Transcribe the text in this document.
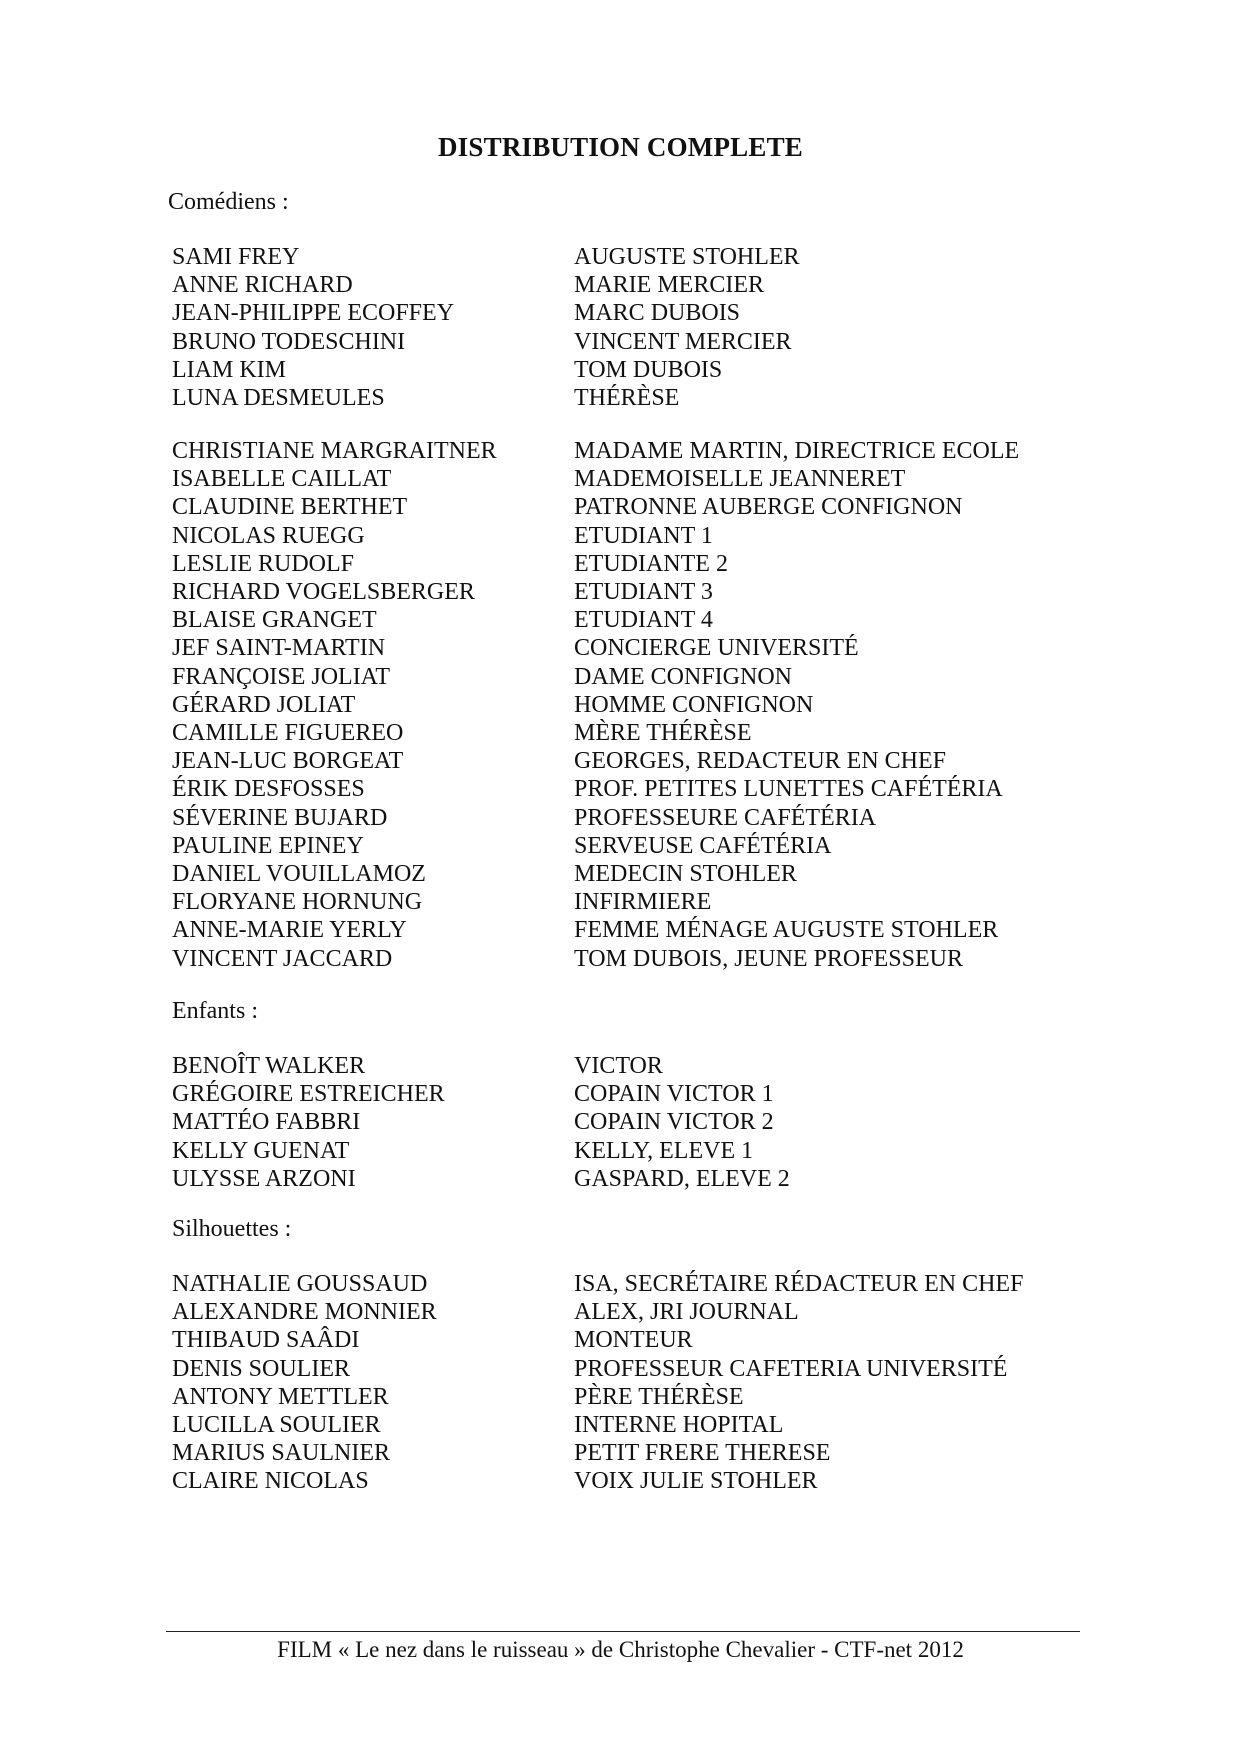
DISTRIBUTION COMPLETE
Comédiens :
SAMI FREY	AUGUSTE STOHLER
ANNE RICHARD	MARIE MERCIER
JEAN-PHILIPPE ECOFFEY	MARC DUBOIS
BRUNO TODESCHINI	VINCENT MERCIER
LIAM KIM	TOM DUBOIS
LUNA DESMEULES	THÉRÈSE
CHRISTIANE MARGRAITNER	MADAME MARTIN, DIRECTRICE ECOLE
ISABELLE CAILLAT	MADEMOISELLE JEANNERET
CLAUDINE BERTHET	PATRONNE AUBERGE CONFIGNON
NICOLAS RUEGG	ETUDIANT 1
LESLIE RUDOLF	ETUDIANTE 2
RICHARD VOGELSBERGER	ETUDIANT 3
BLAISE GRANGET	ETUDIANT 4
JEF SAINT-MARTIN	CONCIERGE UNIVERSITÉ
FRANÇOISE JOLIAT	DAME CONFIGNON
GÉRARD JOLIAT	HOMME CONFIGNON
CAMILLE FIGUEREO	MÈRE THÉRÈSE
JEAN-LUC BORGEAT	GEORGES, REDACTEUR EN CHEF
ÉRIK DESFOSSES	PROF. PETITES LUNETTES CAFÉTÉRIA
SÉVERINE BUJARD	PROFESSEURE CAFÉTÉRIA
PAULINE EPINEY	SERVEUSE CAFÉTÉRIA
DANIEL VOUILLAMOZ	MEDECIN STOHLER
FLORYANE HORNUNG	INFIRMIERE
ANNE-MARIE YERLY	FEMME MÉNAGE AUGUSTE STOHLER
VINCENT JACCARD	TOM DUBOIS, JEUNE PROFESSEUR
Enfants :
BENOÎT WALKER	VICTOR
GRÉGOIRE ESTREICHER	COPAIN VICTOR 1
MATTÉO FABBRI	COPAIN VICTOR 2
KELLY GUENAT	KELLY, ELEVE 1
ULYSSE ARZONI	GASPARD, ELEVE 2
Silhouettes :
NATHALIE GOUSSAUD	ISA, SECRÉTAIRE RÉDACTEUR EN CHEF
ALEXANDRE MONNIER	ALEX, JRI JOURNAL
THIBAUD SAÂDI	MONTEUR
DENIS SOULIER	PROFESSEUR CAFETERIA UNIVERSITÉ
ANTONY METTLER	PÈRE THÉRÈSE
LUCILLA SOULIER	INTERNE HOPITAL
MARIUS SAULNIER	PETIT FRERE THERESE
CLAIRE NICOLAS	VOIX JULIE STOHLER
FILM « Le nez dans le ruisseau » de Christophe Chevalier - CTF-net 2012
